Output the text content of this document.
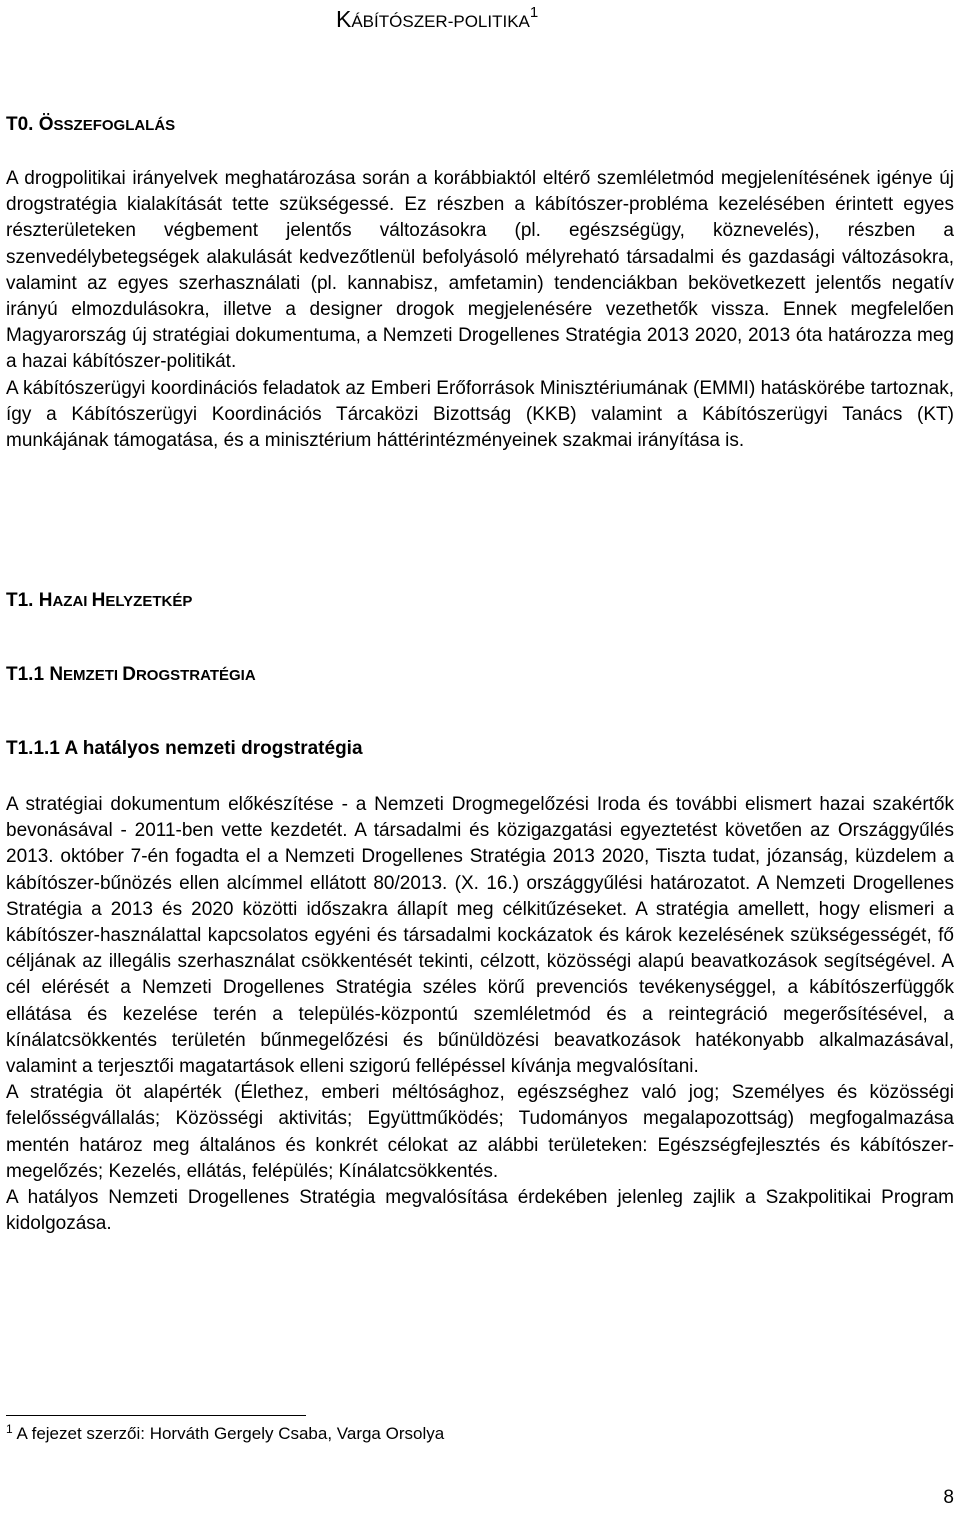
KÁBÍTÓSZER-POLITIKA$^1$
T0. ÖSSZEFOGLALÁS

A drogpolitikai irányelvek meghatározása során a korábbiaktól eltérő szemléletmód megjelenítésének igénye új drogstratégia kialakítását tette szükségessé. Ez részben a kábítószer-probléma kezelésében érintett egyes részterületeken végbement jelentős változásokra (pl. egészségügy, köznevelés), részben a szenvedélybetegségek alakulását kedvezőtlenül befolyásoló mélyreható társadalmi és gazdasági változásokra, valamint az egyes szerhasználati (pl. kannabisz, amfetamin) tendenciákban bekövetkezett jelentős negatív irányú elmozdulásokra, illetve a designer drogok megjelenésére vezethetők vissza. Ennek megfelelően Magyarország új stratégiai dokumentuma, a Nemzeti Drogellenes Stratégia 2013 2020, 2013 óta határozza meg a hazai kábítószer-politikát.

A kábítószerügyi koordinációs feladatok az Emberi Erőforrások Minisztériumának (EMMI) hatáskörébe tartoznak, így a Kábítószerügyi Koordinációs Tárcaközi Bizottság (KKB) valamint a Kábítószerügyi Tanács (KT) munkájának támogatása, és a minisztérium háttérintézményeinek szakmai irányítása is.

T1. HAZAI HELYZETKÉP
T1.1 NEMZETI DROGSTRATÉGIA
T1.1.1 A hatályos nemzeti drogstratégia

A stratégiai dokumentum előkészítése - a Nemzeti Drogmegelőzési Iroda és további elismert hazai szakértők bevonásával - 2011-ben vette kezdetét. A társadalmi és közigazgatási egyeztetést követően az Országgyűlés 2013. október 7-én fogadta el a Nemzeti Drogellenes Stratégia 2013 2020, Tiszta tudat, józanság, küzdelem a kábítószer-bűnözés ellen alcímmel ellátott 80/2013. (X. 16.) országgyűlési határozatot. A Nemzeti Drogellenes Stratégia a 2013 és 2020 közötti időszakra állapít meg célkitűzéseket. A stratégia amellett, hogy elismeri a kábítószer-használattal kapcsolatos egyéni és társadalmi kockázatok és károk kezelésének szükségességét, fő céljának az illegális szerhasználat csökkentését tekinti, célzott, közösségi alapú beavatkozások segítségével. A cél elérését a Nemzeti Drogellenes Stratégia széles körű prevenciós tevékenységgel, a kábítószerfüggők ellátása és kezelése terén a település-központú szemléletmód és a reintegráció megerősítésével, a kínálatcsökkentés területén bűnmegelőzési és bűnüldözési beavatkozások hatékonyabb alkalmazásával, valamint a terjesztői magatartások elleni szigorú fellépéssel kívánja megvalósítani.

A stratégia öt alapérték (Élethez, emberi méltósághoz, egészséghez való jog; Személyes és közösségi felelősségvállalás; Közösségi aktivitás; Együttműködés; Tudományos megalapozottság) megfogalmazása mentén határoz meg általános és konkrét célokat az alábbi területeken: Egészségfejlesztés és kábítószer-megelőzés; Kezelés, ellátás, felépülés; Kínálatcsökkentés.

A hatályos Nemzeti Drogellenes Stratégia megvalósítása érdekében jelenleg zajlik a Szakpolitikai Program kidolgozása.

$^1$ A fejezet szerzői: Horváth Gergely Csaba, Varga Orsolya
8
